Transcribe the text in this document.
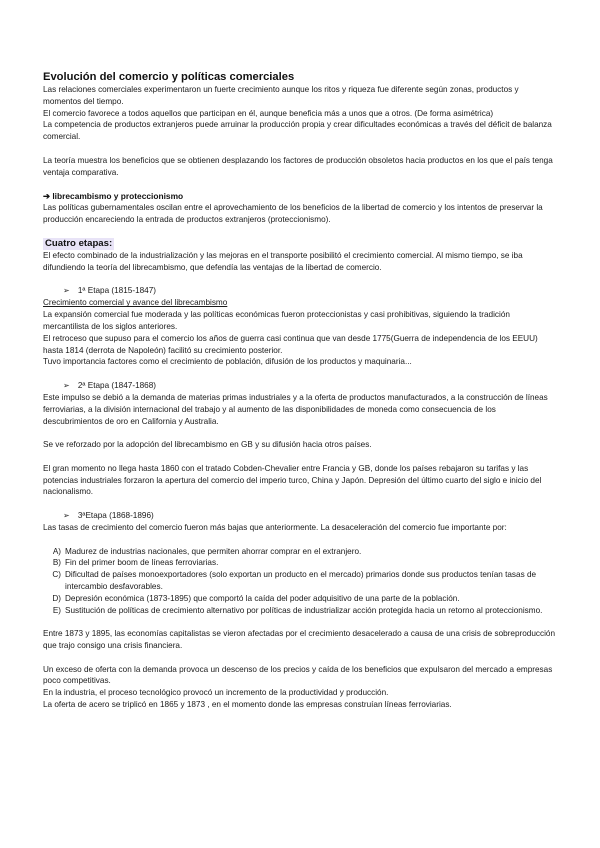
Evolución del comercio y políticas comerciales

Las relaciones comerciales experimentaron un fuerte crecimiento aunque los ritos y riqueza fue diferente según zonas, productos y momentos del tiempo.

El comercio favorece a todos aquellos que participan en él, aunque beneficia más a unos que a otros. (De forma asimétrica)

La competencia de productos extranjeros puede arruinar la producción propia y crear dificultades económicas a través del déficit de balanza comercial.

La teoría muestra los beneficios que se obtienen desplazando los factores de producción obsoletos hacia productos en los que el país tenga ventaja comparativa.

➔ librecambismo y proteccionismo

Las políticas gubernamentales oscilan entre el aprovechamiento de los beneficios de la libertad de comercio y los intentos de preservar la producción encareciendo la entrada de productos extranjeros (proteccionismo).

Cuatro etapas:

El efecto combinado de la industrialización y las mejoras en el transporte posibilitó el crecimiento comercial. Al mismo tiempo, se iba difundiendo la teoría del librecambismo, que defendía las ventajas de la libertad de comercio.

➢ 1ª Etapa (1815-1847)

Crecimiento comercial y avance del librecambismo

La expansión comercial fue moderada y las políticas económicas fueron proteccionistas y casi prohibitivas, siguiendo la tradición mercantilista de los siglos anteriores.

El retroceso que supuso para el comercio los años de guerra casi continua que van desde 1775(Guerra de independencia de los EEUU) hasta 1814 (derrota de Napoleón) facilitó su crecimiento posterior.

Tuvo importancia factores como el crecimiento de población, difusión de los productos y maquinaria...

➢ 2ª Etapa (1847-1868)

Este impulso se debió a la demanda de materias primas industriales y a la oferta de productos manufacturados, a la construcción de líneas ferroviarias, a la división internacional del trabajo y al aumento de las disponibilidades de moneda como consecuencia de los descubrimientos de oro en California y Australia.

Se ve reforzado por la adopción del librecambismo en GB y su difusión hacia otros países.

El gran momento no llega hasta 1860 con el tratado Cobden-Chevalier entre Francia y GB, donde los países rebajaron su tarifas y las potencias industriales forzaron la apertura del comercio del imperio turco, China y Japón. Depresión del último cuarto del siglo e inicio del nacionalismo.

➢ 3ªEtapa (1868-1896)

Las tasas de crecimiento del comercio fueron más bajas que anteriormente. La desaceleración del comercio fue importante por:

A) Madurez de industrias nacionales, que permiten ahorrar comprar en el extranjero.
B) Fin del primer boom de líneas ferroviarias.
C) Dificultad de países monoexportadores (solo exportan un producto en el mercado) primarios donde sus productos tenían tasas de intercambio desfavorables.
D) Depresión económica (1873-1895) que comportó la caída del poder adquisitivo de una parte de la población.
E) Sustitución de políticas de crecimiento alternativo por políticas de industrializar acción protegida hacia un retorno al proteccionismo.

Entre 1873 y 1895, las economías capitalistas se vieron afectadas por el crecimiento desacelerado a causa de una crisis de sobreproducción que trajo consigo una crisis financiera.

Un exceso de oferta con la demanda provoca un descenso de los precios y caída de los beneficios que expulsaron del mercado a empresas poco competitivas.

En la industria, el proceso tecnológico provocó un incremento de la productividad y producción.

La oferta de acero se triplicó en 1865 y 1873 , en el momento donde las empresas construían líneas ferroviarias.
